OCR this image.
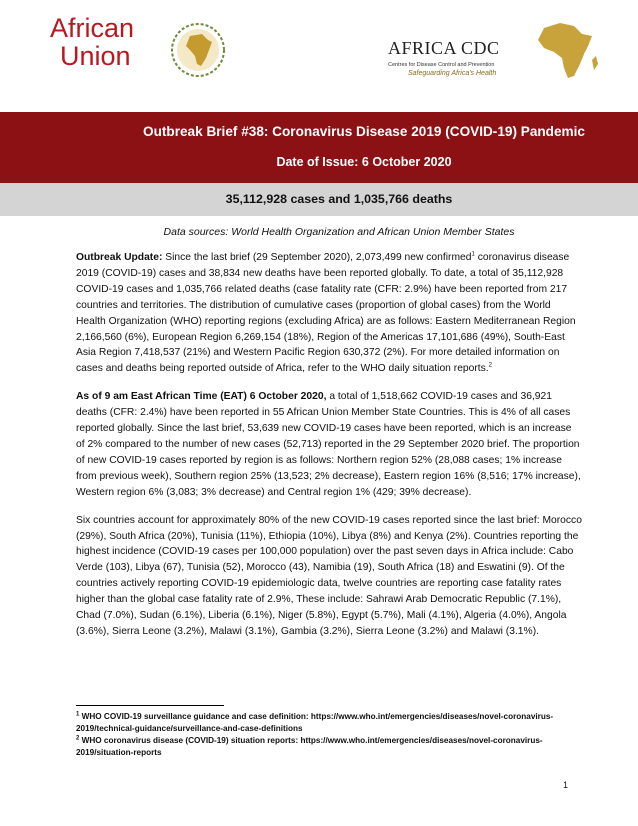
African
Union	AFRICA CDC
Centres for Disease Control and Prevention
Safeguarding Africa's Health
Outbreak Brief #38: Coronavirus Disease 2019 (COVID-19) Pandemic
Date of Issue: 6 October 2020
35,112,928 cases and 1,035,766 deaths
Data sources: World Health Organization and African Union Member States

Outbreak Update: Since the last brief (29 September 2020), 2,073,499 new confirmed$^1$ coronavirus disease 2019 (COVID-19) cases and 38,834 new deaths have been reported globally. To date, a total of 35,112,928 COVID-19 cases and 1,035,766 related deaths (case fatality rate (CFR: 2.9%) have been reported from 217 countries and territories. The distribution of cumulative cases (proportion of global cases) from the World Health Organization (WHO) reporting regions (excluding Africa) are as follows: Eastern Mediterranean Region 2,166,560 (6%), European Region 6,269,154 (18%), Region of the Americas 17,101,686 (49%), South-East Asia Region 7,418,537 (21%) and Western Pacific Region 630,372 (2%). For more detailed information on cases and deaths being reported outside of Africa, refer to the WHO daily situation reports.$^2$

As of 9 am East African Time (EAT) 6 October 2020, a total of 1,518,662 COVID-19 cases and 36,921 deaths (CFR: 2.4%) have been reported in 55 African Union Member State Countries. This is 4% of all cases reported globally. Since the last brief, 53,639 new COVID-19 cases have been reported, which is an increase of 2% compared to the number of new cases (52,713) reported in the 29 September 2020 brief. The proportion of new COVID-19 cases reported by region is as follows: Northern region 52% (28,088 cases; 1% increase from previous week), Southern region 25% (13,523; 2% decrease), Eastern region 16% (8,516; 17% increase), Western region 6% (3,083; 3% decrease) and Central region 1% (429; 39% decrease).

Six countries account for approximately 80% of the new COVID-19 cases reported since the last brief: Morocco (29%), South Africa (20%), Tunisia (11%), Ethiopia (10%), Libya (8%) and Kenya (2%). Countries reporting the highest incidence (COVID-19 cases per 100,000 population) over the past seven days in Africa include: Cabo Verde (103), Libya (67), Tunisia (52), Morocco (43), Namibia (19), South Africa (18) and Eswatini (9). Of the countries actively reporting COVID-19 epidemiologic data, twelve countries are reporting case fatality rates higher than the global case fatality rate of 2.9%, These include: Sahrawi Arab Democratic Republic (7.1%), Chad (7.0%), Sudan (6.1%), Liberia (6.1%), Niger (5.8%), Egypt (5.7%), Mali (4.1%), Algeria (4.0%), Angola (3.6%), Sierra Leone (3.2%), Malawi (3.1%), Gambia (3.2%), Sierra Leone (3.2%) and Malawi (3.1%).

$^1$ WHO COVID-19 surveillance guidance and case definition: https://www.who.int/emergencies/diseases/novel-coronavirus-2019/technical-guidance/surveillance-and-case-definitions
$^2$ WHO coronavirus disease (COVID-19) situation reports: https://www.who.int/emergencies/diseases/novel-coronavirus-2019/situation-reports
1
